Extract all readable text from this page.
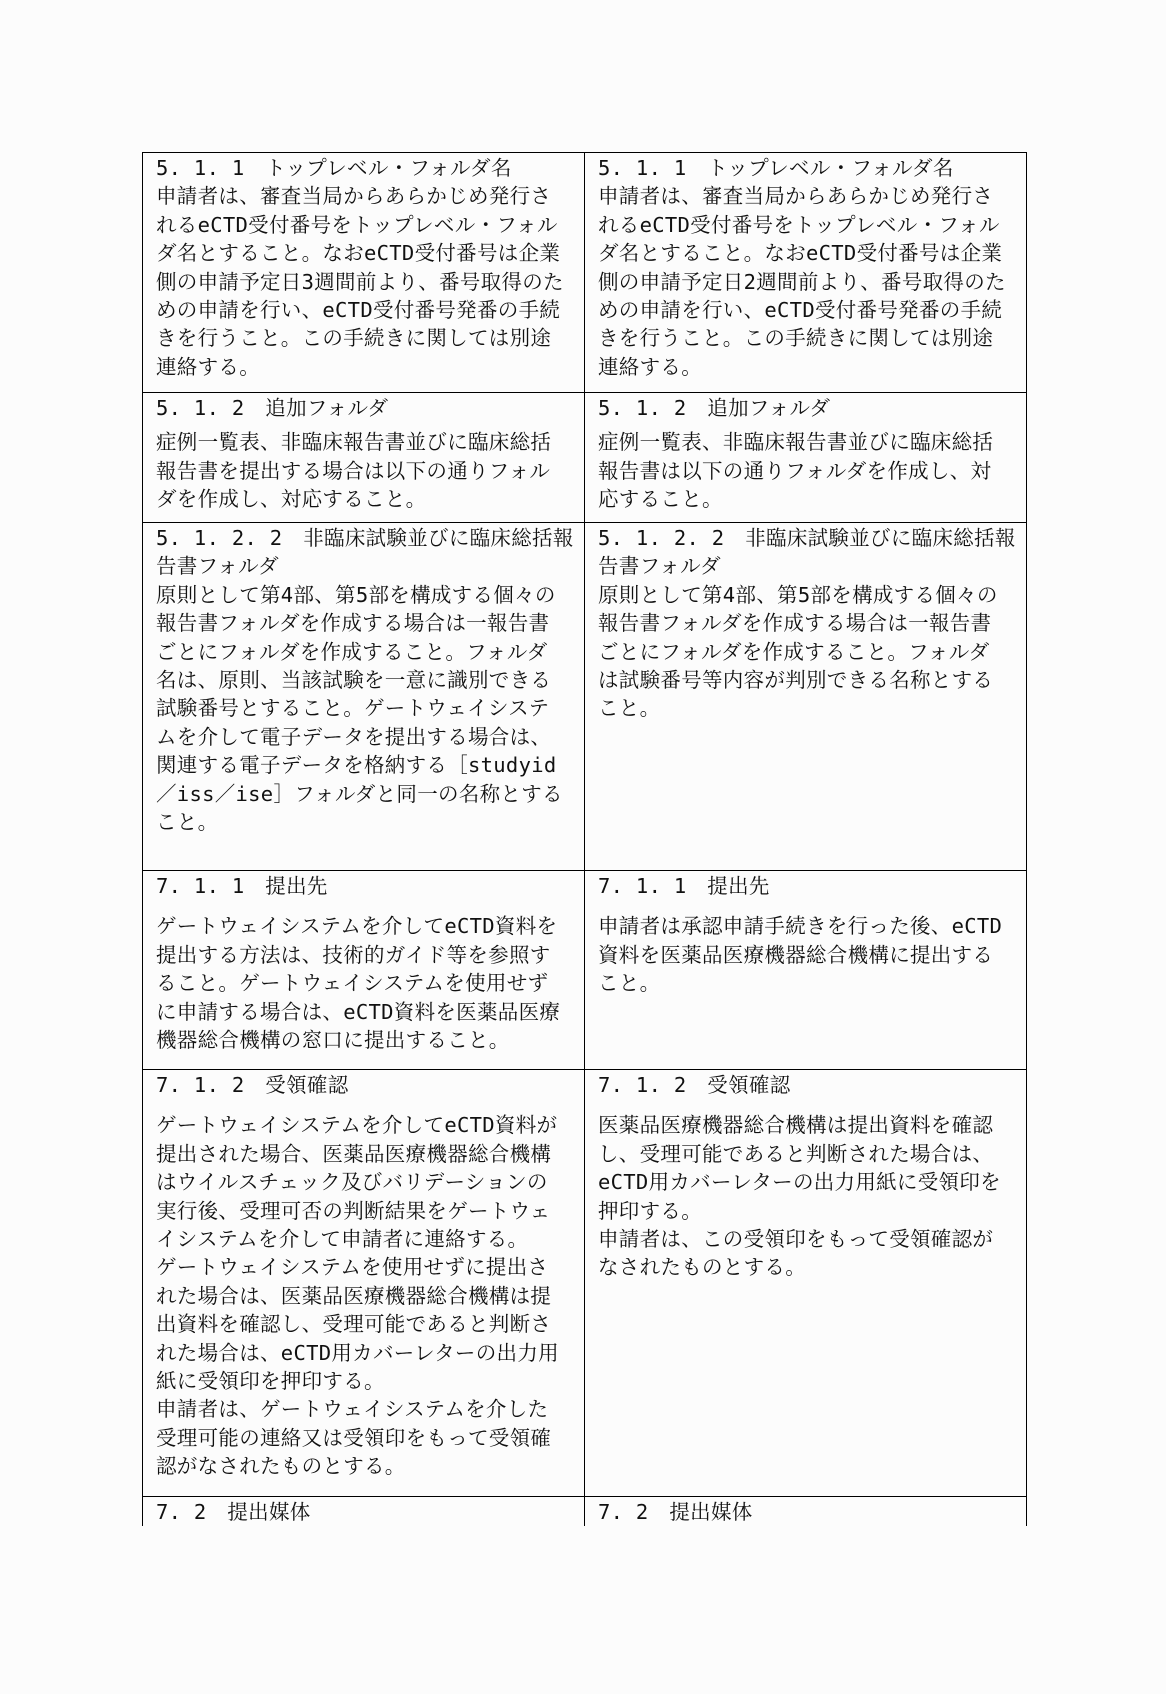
5. 1. 1　トップレベル・フォルダ名
申請者は、審査当局からあらかじめ発行さ
れるeCTD受付番号をトップレベル・フォル
ダ名とすること。なおeCTD受付番号は企業
側の申請予定日3週間前より、番号取得のた
めの申請を行い、eCTD受付番号発番の手続
きを行うこと。この手続きに関しては別途
連絡する。
5. 1. 1　トップレベル・フォルダ名
申請者は、審査当局からあらかじめ発行さ
れるeCTD受付番号をトップレベル・フォル
ダ名とすること。なおeCTD受付番号は企業
側の申請予定日2週間前より、番号取得のた
めの申請を行い、eCTD受付番号発番の手続
きを行うこと。この手続きに関しては別途
連絡する。
5. 1. 2　追加フォルダ
症例一覧表、非臨床報告書並びに臨床総括
報告書を提出する場合は以下の通りフォル
ダを作成し、対応すること。
5. 1. 2　追加フォルダ
症例一覧表、非臨床報告書並びに臨床総括
報告書は以下の通りフォルダを作成し、対
応すること。
5. 1. 2. 2　非臨床試験並びに臨床総括報
告書フォルダ
原則として第4部、第5部を構成する個々の
報告書フォルダを作成する場合は一報告書
ごとにフォルダを作成すること。フォルダ
名は、原則、当該試験を一意に識別できる
試験番号とすること。ゲートウェイシステ
ムを介して電子データを提出する場合は、
関連する電子データを格納する［studyid
／iss／ise］フォルダと同一の名称とする
こと。
5. 1. 2. 2　非臨床試験並びに臨床総括報
告書フォルダ
原則として第4部、第5部を構成する個々の
報告書フォルダを作成する場合は一報告書
ごとにフォルダを作成すること。フォルダ
は試験番号等内容が判別できる名称とする
こと。
7. 1. 1　提出先
ゲートウェイシステムを介してeCTD資料を
提出する方法は、技術的ガイド等を参照す
ること。ゲートウェイシステムを使用せず
に申請する場合は、eCTD資料を医薬品医療
機器総合機構の窓口に提出すること。
7. 1. 1　提出先
申請者は承認申請手続きを行った後、eCTD
資料を医薬品医療機器総合機構に提出する
こと。
7. 1. 2　受領確認
ゲートウェイシステムを介してeCTD資料が
提出された場合、医薬品医療機器総合機構
はウイルスチェック及びバリデーションの
実行後、受理可否の判断結果をゲートウェ
イシステムを介して申請者に連絡する。
ゲートウェイシステムを使用せずに提出さ
れた場合は、医薬品医療機器総合機構は提
出資料を確認し、受理可能であると判断さ
れた場合は、eCTD用カバーレターの出力用
紙に受領印を押印する。
申請者は、ゲートウェイシステムを介した
受理可能の連絡又は受領印をもって受領確
認がなされたものとする。
7. 1. 2　受領確認
医薬品医療機器総合機構は提出資料を確認
し、受理可能であると判断された場合は、
eCTD用カバーレターの出力用紙に受領印を
押印する。
申請者は、この受領印をもって受領確認が
なされたものとする。
7. 2　提出媒体	7. 2　提出媒体
